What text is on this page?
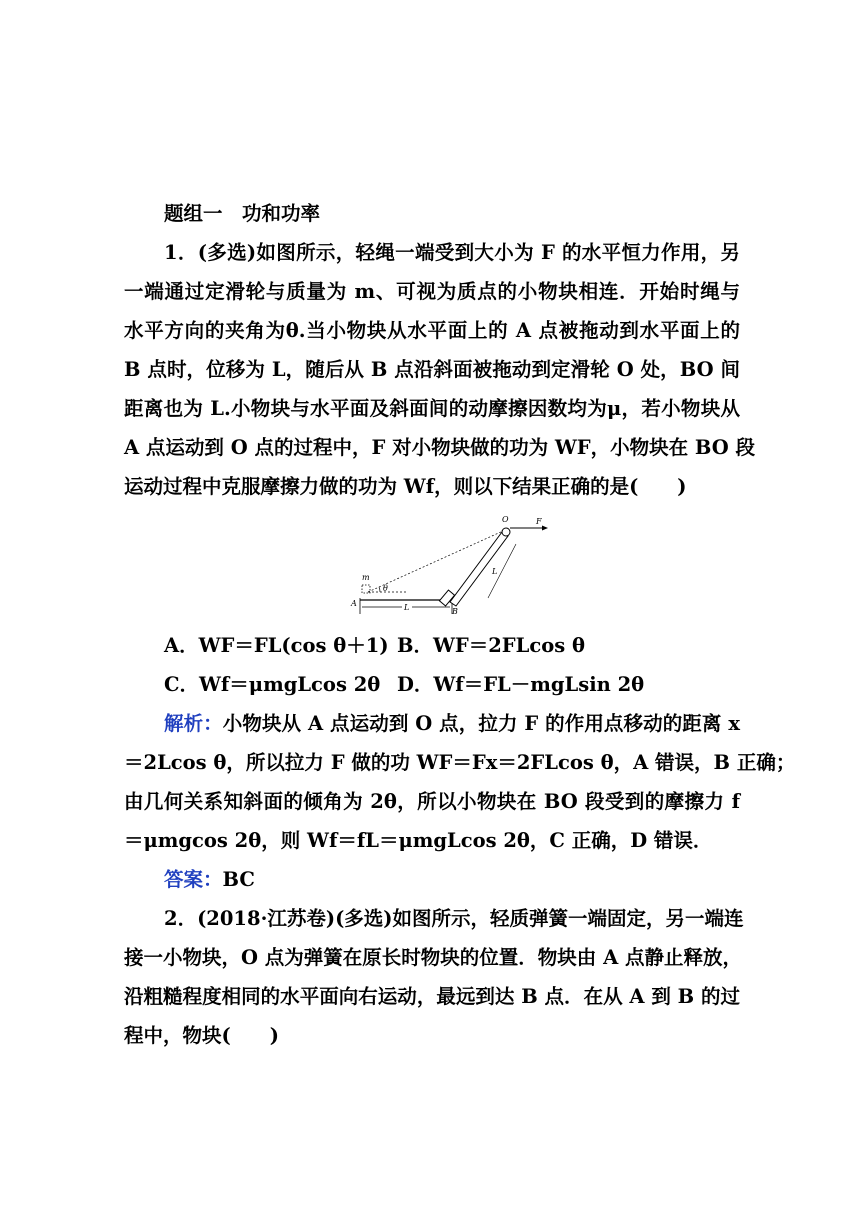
题组一　功和功率
1．(多选)如图所示，轻绳一端受到大小为 F 的水平恒力作用，另
一端通过定滑轮与质量为 m、可视为质点的小物块相连．开始时绳与
水平方向的夹角为θ.当小物块从水平面上的 A 点被拖动到水平面上的
B 点时，位移为 L，随后从 B 点沿斜面被拖动到定滑轮 O 处，BO 间
距离也为 L.小物块与水平面及斜面间的动摩擦因数均为μ，若小物块从
A 点运动到 O 点的过程中，F 对小物块做的功为 WF，小物块在 BO 段
运动过程中克服摩擦力做的功为 Wf，则以下结果正确的是(　　)
L
O	F
m
θ
A
B
L
A．WF＝FL(cos θ＋1) B．WF＝2FLcos θ
C．Wf＝μmgLcos 2θ D．Wf＝FL－mgLsin 2θ
解析：小物块从 A 点运动到 O 点，拉力 F 的作用点移动的距离 x
＝2Lcos θ，所以拉力 F 做的功 WF＝Fx＝2FLcos θ，A 错误，B 正确；
由几何关系知斜面的倾角为 2θ，所以小物块在 BO 段受到的摩擦力 f
＝μmgcos 2θ，则 Wf＝fL＝μmgLcos 2θ，C 正确，D 错误．
答案：BC
2．(2018·江苏卷)(多选)如图所示，轻质弹簧一端固定，另一端连
接一小物块，O 点为弹簧在原长时物块的位置．物块由 A 点静止释放，
沿粗糙程度相同的水平面向右运动，最远到达 B 点．在从 A 到 B 的过
程中，物块(　　)
